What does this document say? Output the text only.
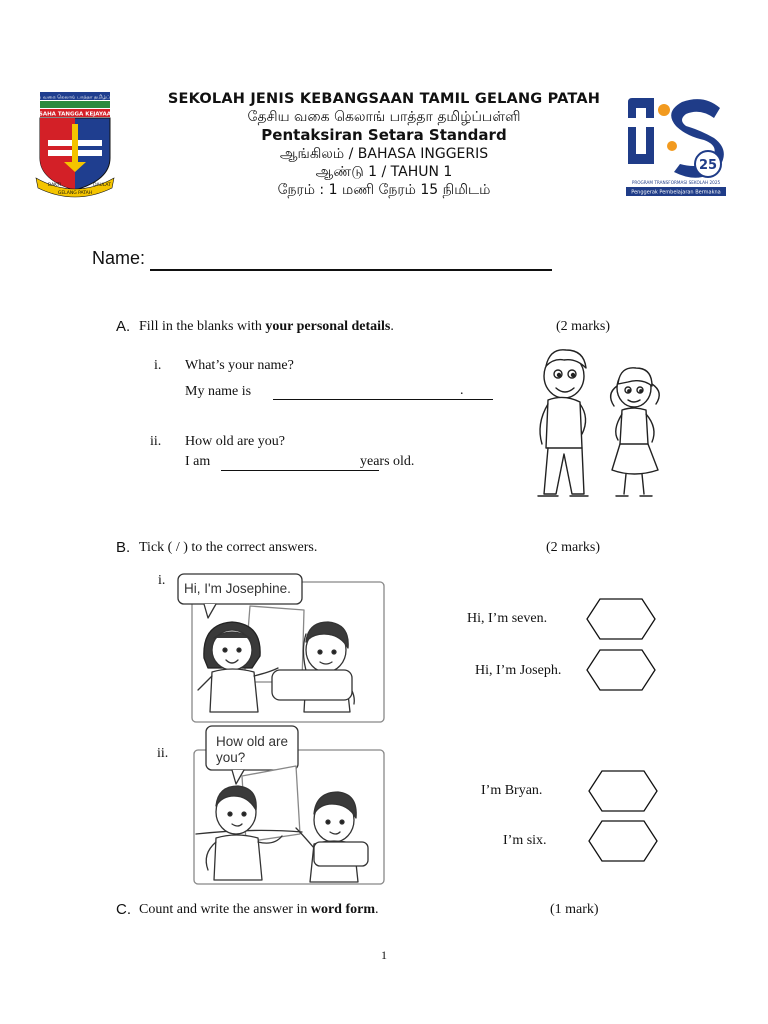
தேசிய வகை கெலாங் பாத்தா தமிழ்ப்பள்ளி
USAHA TANGGA KEJAYAAN
BAKTI
GELANG PATAH
DAULAT
SEKOLAH JENIS KEBANGSAAN TAMIL GELANG PATAH
தேசிய வகை கெலாங் பாத்தா தமிழ்ப்பள்ளி
Pentaksiran Setara Standard
ஆங்கிலம் / BAHASA INGGERIS
ஆண்டு 1 / TAHUN 1
நேரம் : 1 மணி நேரம் 15 நிமிடம்
25
PROGRAM TRANSFORMASI SEKOLAH 2025
Penggerak Pembelajaran Bermakna
Name:
A. Fill in the blanks with your personal details.	(2 marks)
i. What’s your name?
My name is	.
ii. How old are you?
I am	years old.
B. Tick ( / ) to the correct answers.	(2 marks)
i.
Hi, I'm Josephine.
Hi, I’m seven.
Hi, I’m Joseph.
ii.
How old are
you?
I’m Bryan.
I’m six.
C. Count and write the answer in word form.	(1 mark)
1
